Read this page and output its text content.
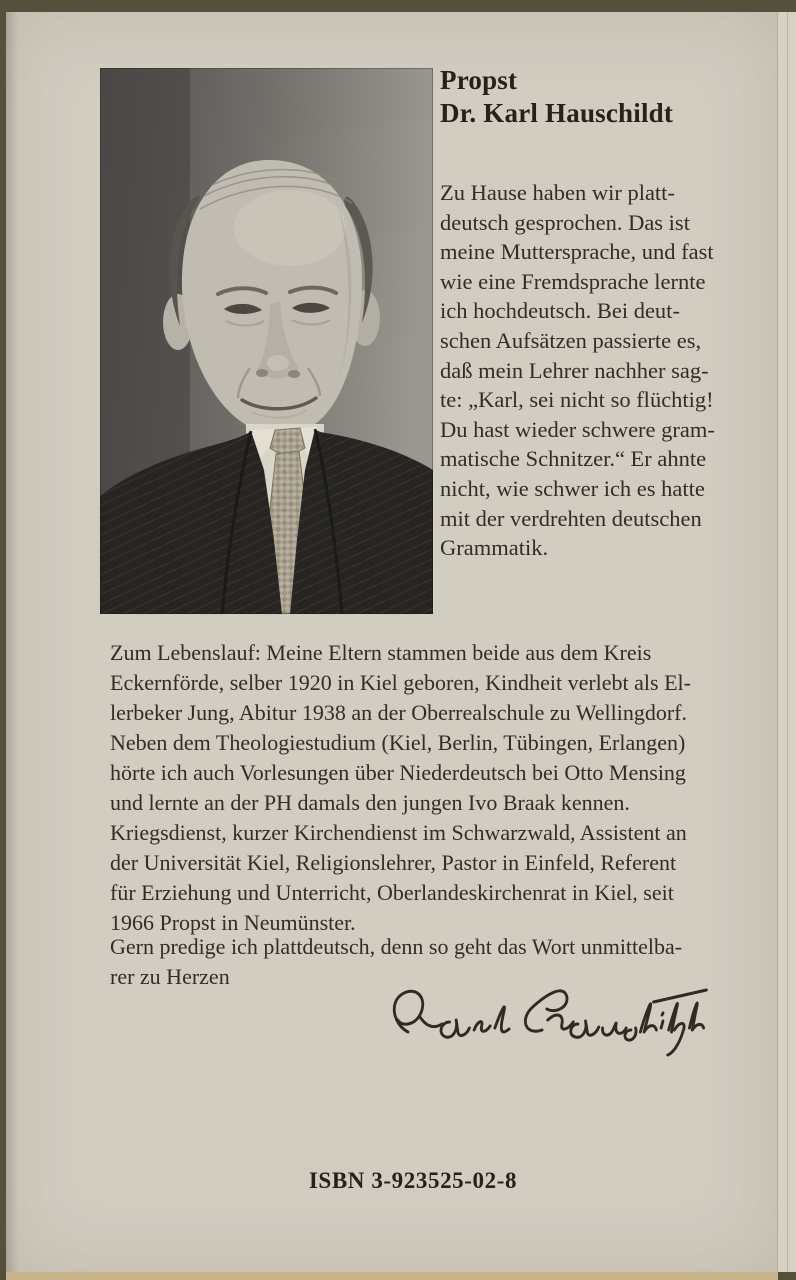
Propst
Dr. Karl Hauschildt
Zu Hause haben wir platt-
deutsch gesprochen. Das ist
meine Muttersprache, und fast
wie eine Fremdsprache lernte
ich hochdeutsch. Bei deut-
schen Aufsätzen passierte es,
daß mein Lehrer nachher sag-
te: „Karl, sei nicht so flüchtig!
Du hast wieder schwere gram-
matische Schnitzer.“ Er ahnte
nicht, wie schwer ich es hatte
mit der verdrehten deutschen
Grammatik.
Zum Lebenslauf: Meine Eltern stammen beide aus dem Kreis
Eckernförde, selber 1920 in Kiel geboren, Kindheit verlebt als El-
lerbeker Jung, Abitur 1938 an der Oberrealschule zu Wellingdorf.
Neben dem Theologiestudium (Kiel, Berlin, Tübingen, Erlangen)
hörte ich auch Vorlesungen über Niederdeutsch bei Otto Mensing
und lernte an der PH damals den jungen Ivo Braak kennen.
Kriegsdienst, kurzer Kirchendienst im Schwarzwald, Assistent an
der Universität Kiel, Religionslehrer, Pastor in Einfeld, Referent
für Erziehung und Unterricht, Oberlandeskirchenrat in Kiel, seit
1966 Propst in Neumünster.
Gern predige ich plattdeutsch, denn so geht das Wort unmittelba-
rer zu Herzen
ISBN 3-923525-02-8
